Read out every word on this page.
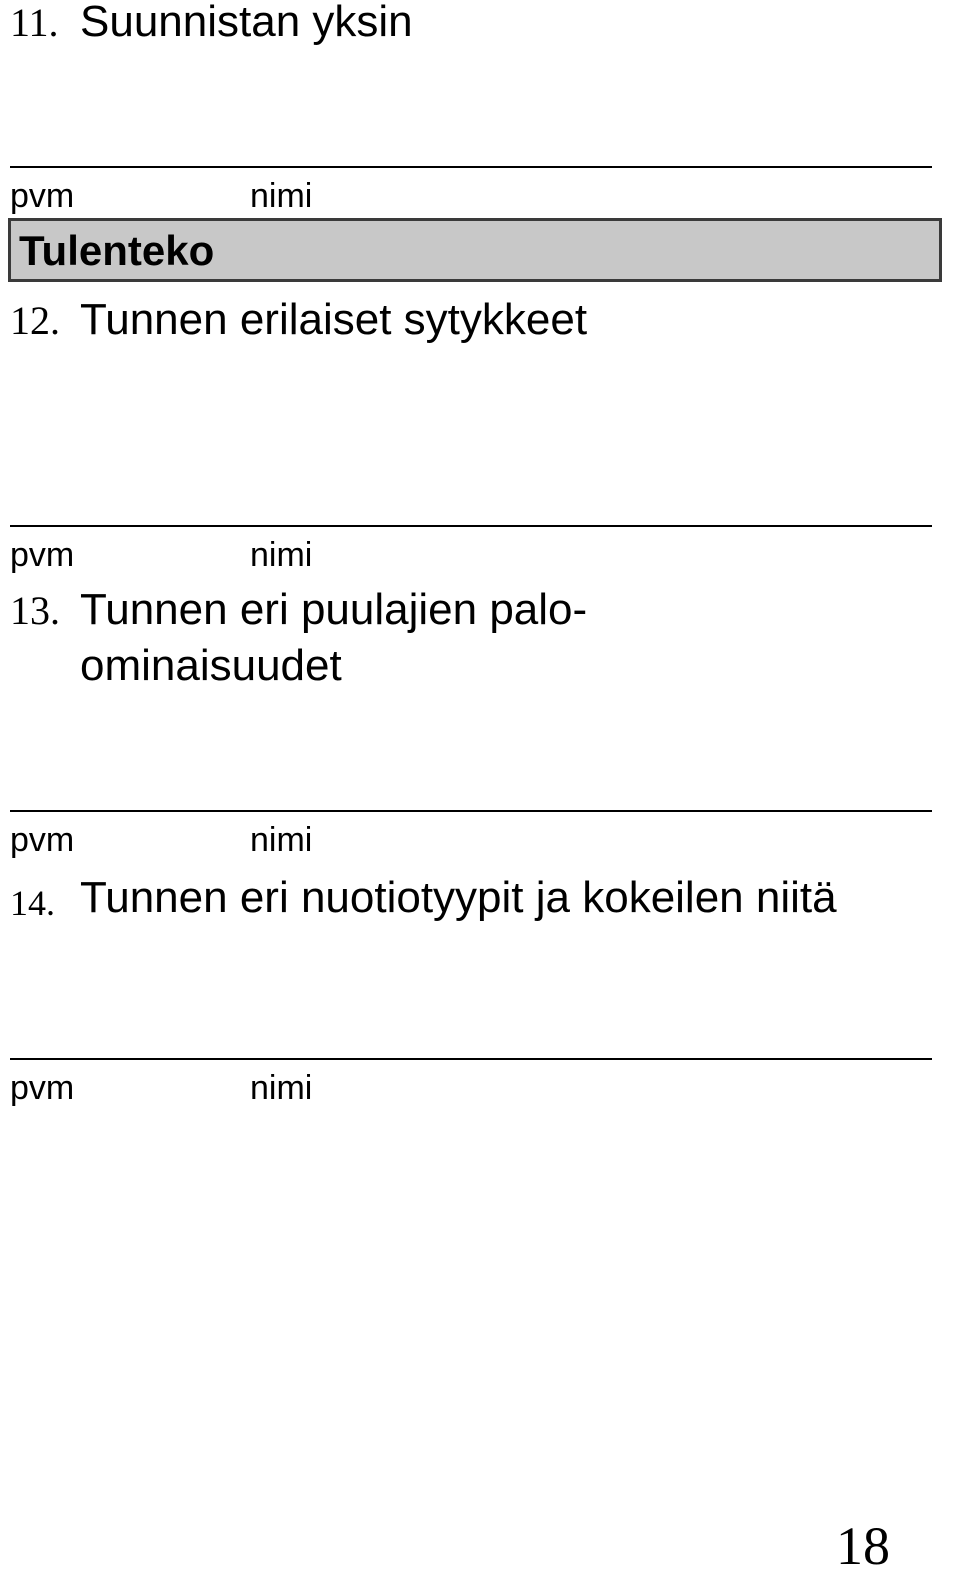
11. Suunnistan yksin
pvm	nimi
Tulenteko
12. Tunnen erilaiset sytykkeet
pvm	nimi
13. Tunnen eri puulajien palo-
ominaisuudet
pvm	nimi
14. Tunnen eri nuotiotyypit ja kokeilen niitä
pvm	nimi
18
